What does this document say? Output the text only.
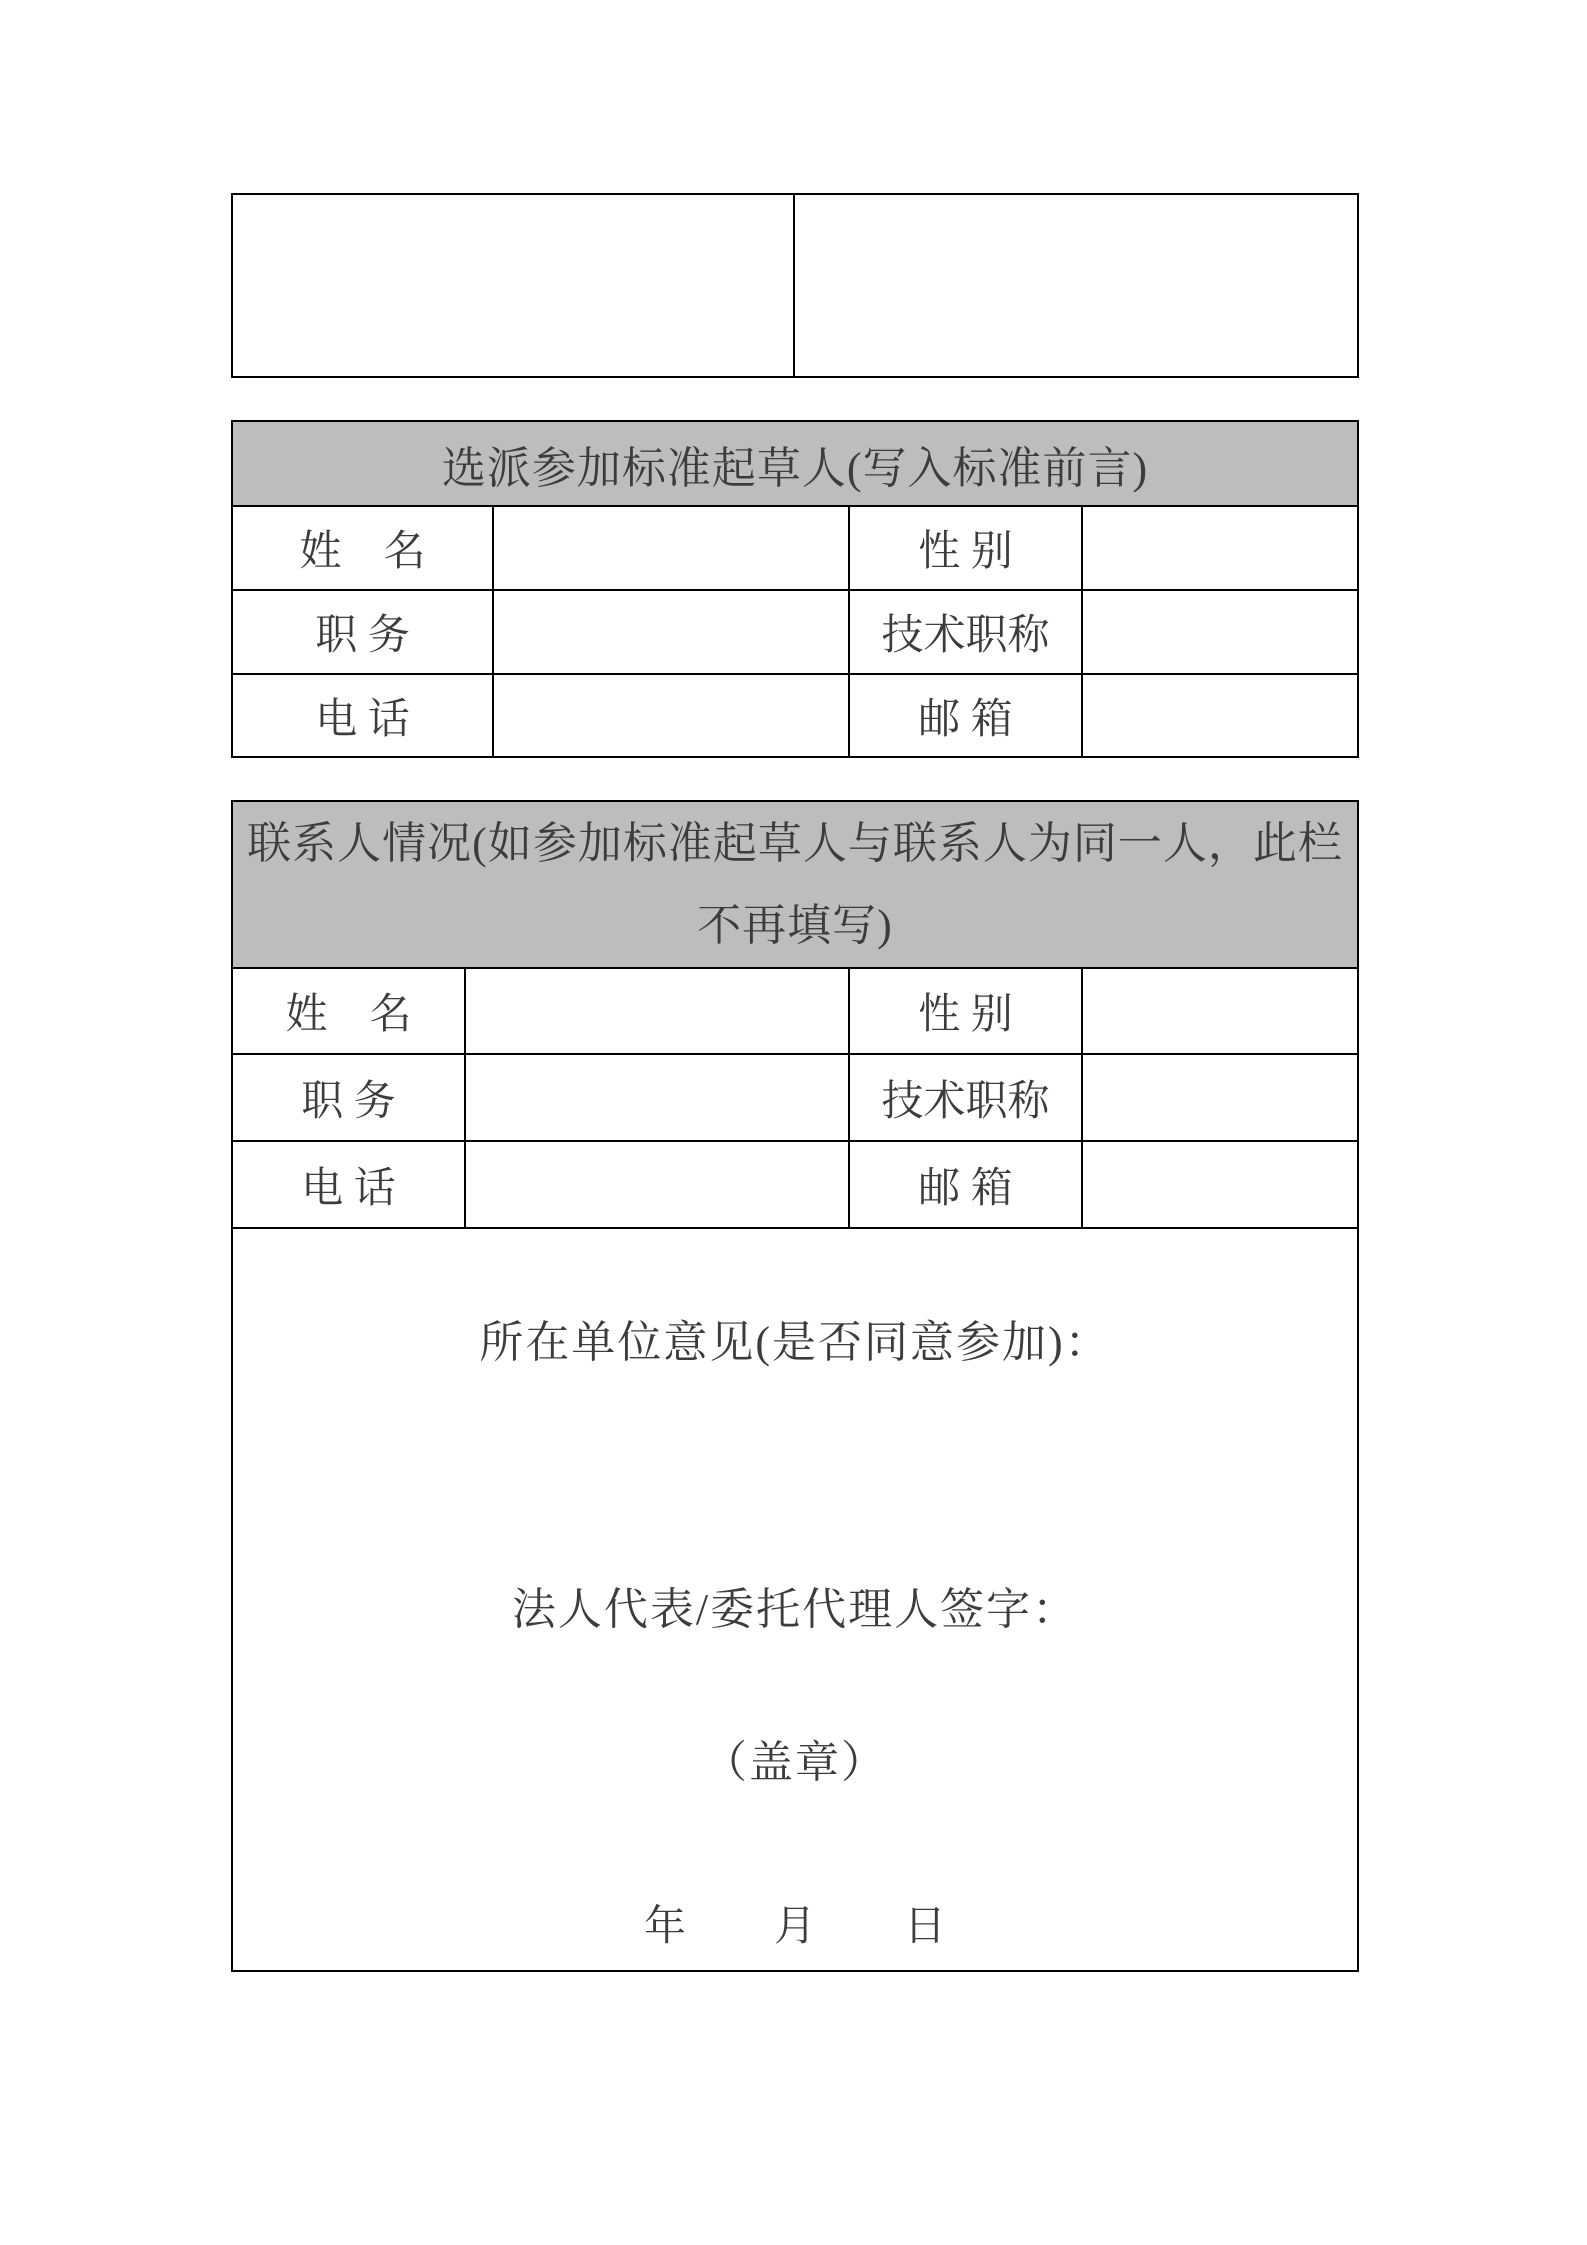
选派参加标准起草人(写入标准前言)
姓　名	性 别
职 务	技术职称
电 话	邮 箱
联系人情况(如参加标准起草人与联系人为同一人，此栏
不再填写)
姓　名	性 别
职 务	技术职称
电 话	邮 箱
所在单位意见(是否同意参加)：
法人代表/委托代理人签字：
（盖章）
年 月 日
